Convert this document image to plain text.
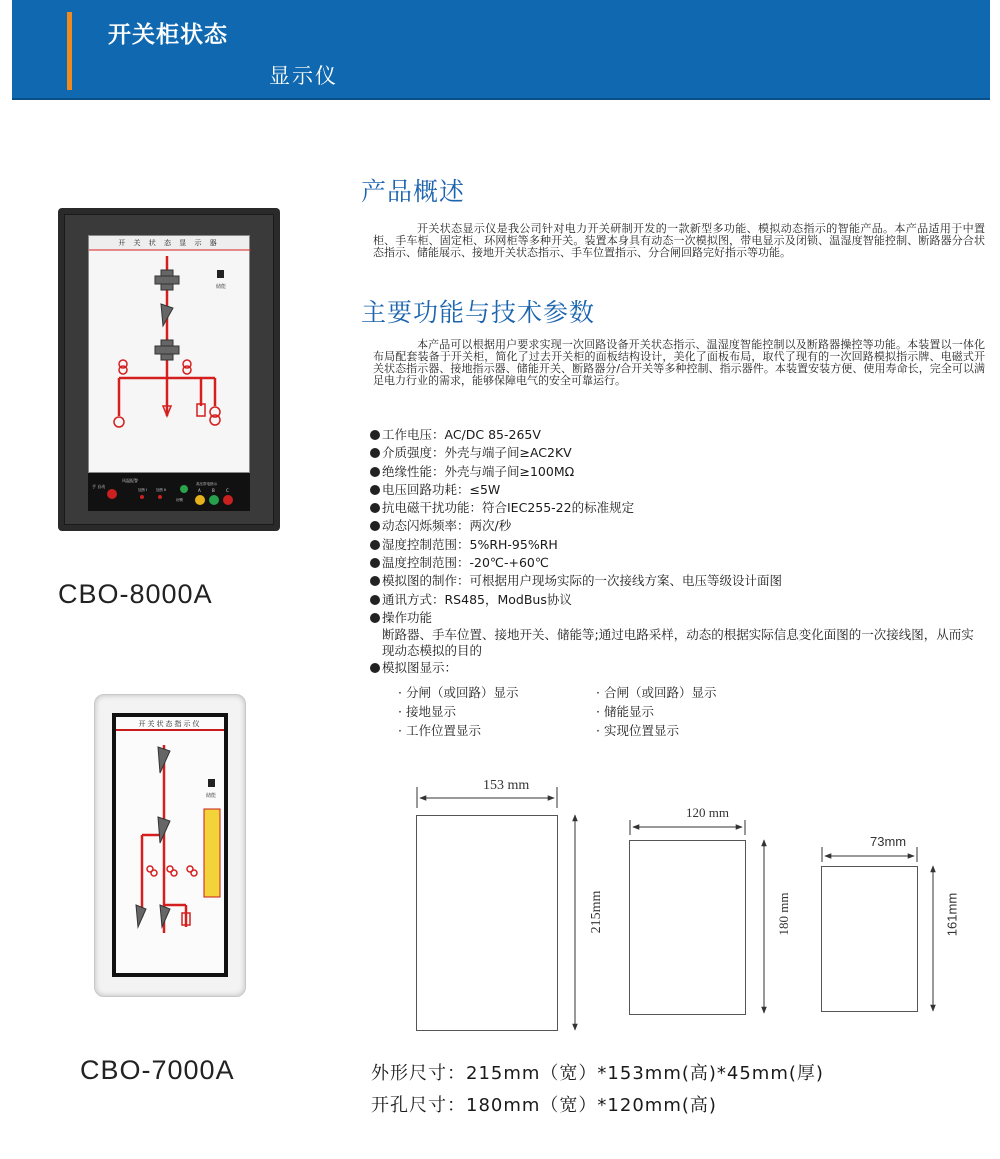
开关柜状态
显示仪
产品概述
开关状态显示仪是我公司针对电力开关研制开发的一款新型多功能、模拟动态指示的智能产品。本产品适用于中置柜、手车柜、固定柜、环网柜等多种开关。装置本身具有动态一次模拟图，带电显示及闭锁、温湿度智能控制、断路器分合状态指示、储能展示、接地开关状态指示、手车位置指示、分合闸回路完好指示等功能。
主要功能与技术参数
本产品可以根据用户要求实现一次回路设备开关状态指示、温湿度智能控制以及断路器操控等功能。本装置以一体化布局配套装备于开关柜，简化了过去开关柜的面板结构设计，美化了面板布局，取代了现有的一次回路模拟指示牌、电磁式开关状态指示器、接地指示器、储能开关、断路器分/合开关等多种控制、指示器件。本装置安装方便、使用寿命长，完全可以满足电力行业的需求，能够保障电气的安全可靠运行。
工作电压：AC/DC 85-265V
介质强度：外壳与端子间≥AC2KV
绝缘性能：外壳与端子间≥100MΩ
电压回路功耗：≤5W
抗电磁干扰功能：符合IEC255-22的标准规定
动态闪烁频率：两次/秒
湿度控制范围：5%RH-95%RH
温度控制范围：-20℃-+60℃
模拟图的制作：可根据用户现场实际的一次接线方案、电压等级设计面图
通讯方式：RS485，ModBus协议
操作功能
断路器、手车位置、接地开关、储能等;通过电路采样，动态的根据实际信息变化面图的一次接线图，从而实现动态模拟的目的
模拟图显示：
· 分闸（或回路）显示	· 合闸（或回路）显示
· 接地显示	· 储能显示
· 工作位置显示	· 实现位置显示
开 关 状 态 显 示 器
储能
风温报警
加热 I	加热 II
高压带电指示
闭锁
A	B	C
手 自动
CBO-8000A
开关状态指示仪
储能
CBO-7000A
153 mm
215mm
120 mm
180 mm
73mm
161mm
外形尺寸：215mm（宽）*153mm(高)*45mm(厚)
开孔尺寸：180mm（宽）*120mm(高)
